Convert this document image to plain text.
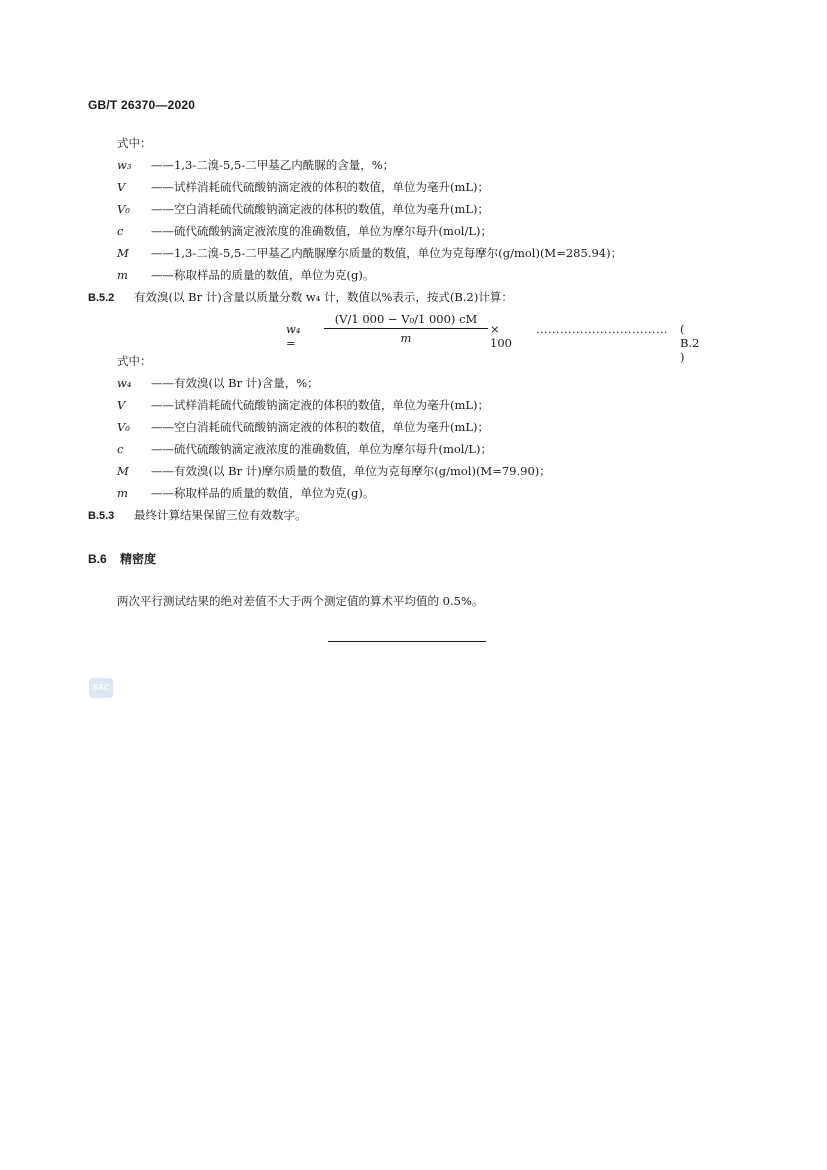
GB/T 26370—2020
式中：
w₃ ——1,3-二溴-5,5-二甲基乙内酰脲的含量，%；
V ——试样消耗硫代硫酸钠滴定液的体积的数值，单位为毫升(mL)；
V₀ ——空白消耗硫代硫酸钠滴定液的体积的数值，单位为毫升(mL)；
c ——硫代硫酸钠滴定液浓度的准确数值，单位为摩尔每升(mol/L)；
M ——1,3-二溴-5,5-二甲基乙内酰脲摩尔质量的数值，单位为克每摩尔(g/mol)(M=285.94)；
m ——称取样品的质量的数值，单位为克(g)。
B.5.2 有效溴(以 Br 计)含量以质量分数 w₄ 计，数值以%表示，按式(B.2)计算：
w₄ =
(V/1 000 − V₀/1 000) cM
m
× 100
…………………………… ( B.2 )
式中：
w₄ ——有效溴(以 Br 计)含量，%；
V ——试样消耗硫代硫酸钠滴定液的体积的数值，单位为毫升(mL)；
V₀ ——空白消耗硫代硫酸钠滴定液的体积的数值，单位为毫升(mL)；
c ——硫代硫酸钠滴定液浓度的准确数值，单位为摩尔每升(mol/L)；
M ——有效溴(以 Br 计)摩尔质量的数值，单位为克每摩尔(g/mol)(M=79.90)；
m ——称取样品的质量的数值，单位为克(g)。
B.5.3 最终计算结果保留三位有效数字。
B.6 精密度
两次平行测试结果的绝对差值不大于两个测定值的算术平均值的 0.5%。
SAC
